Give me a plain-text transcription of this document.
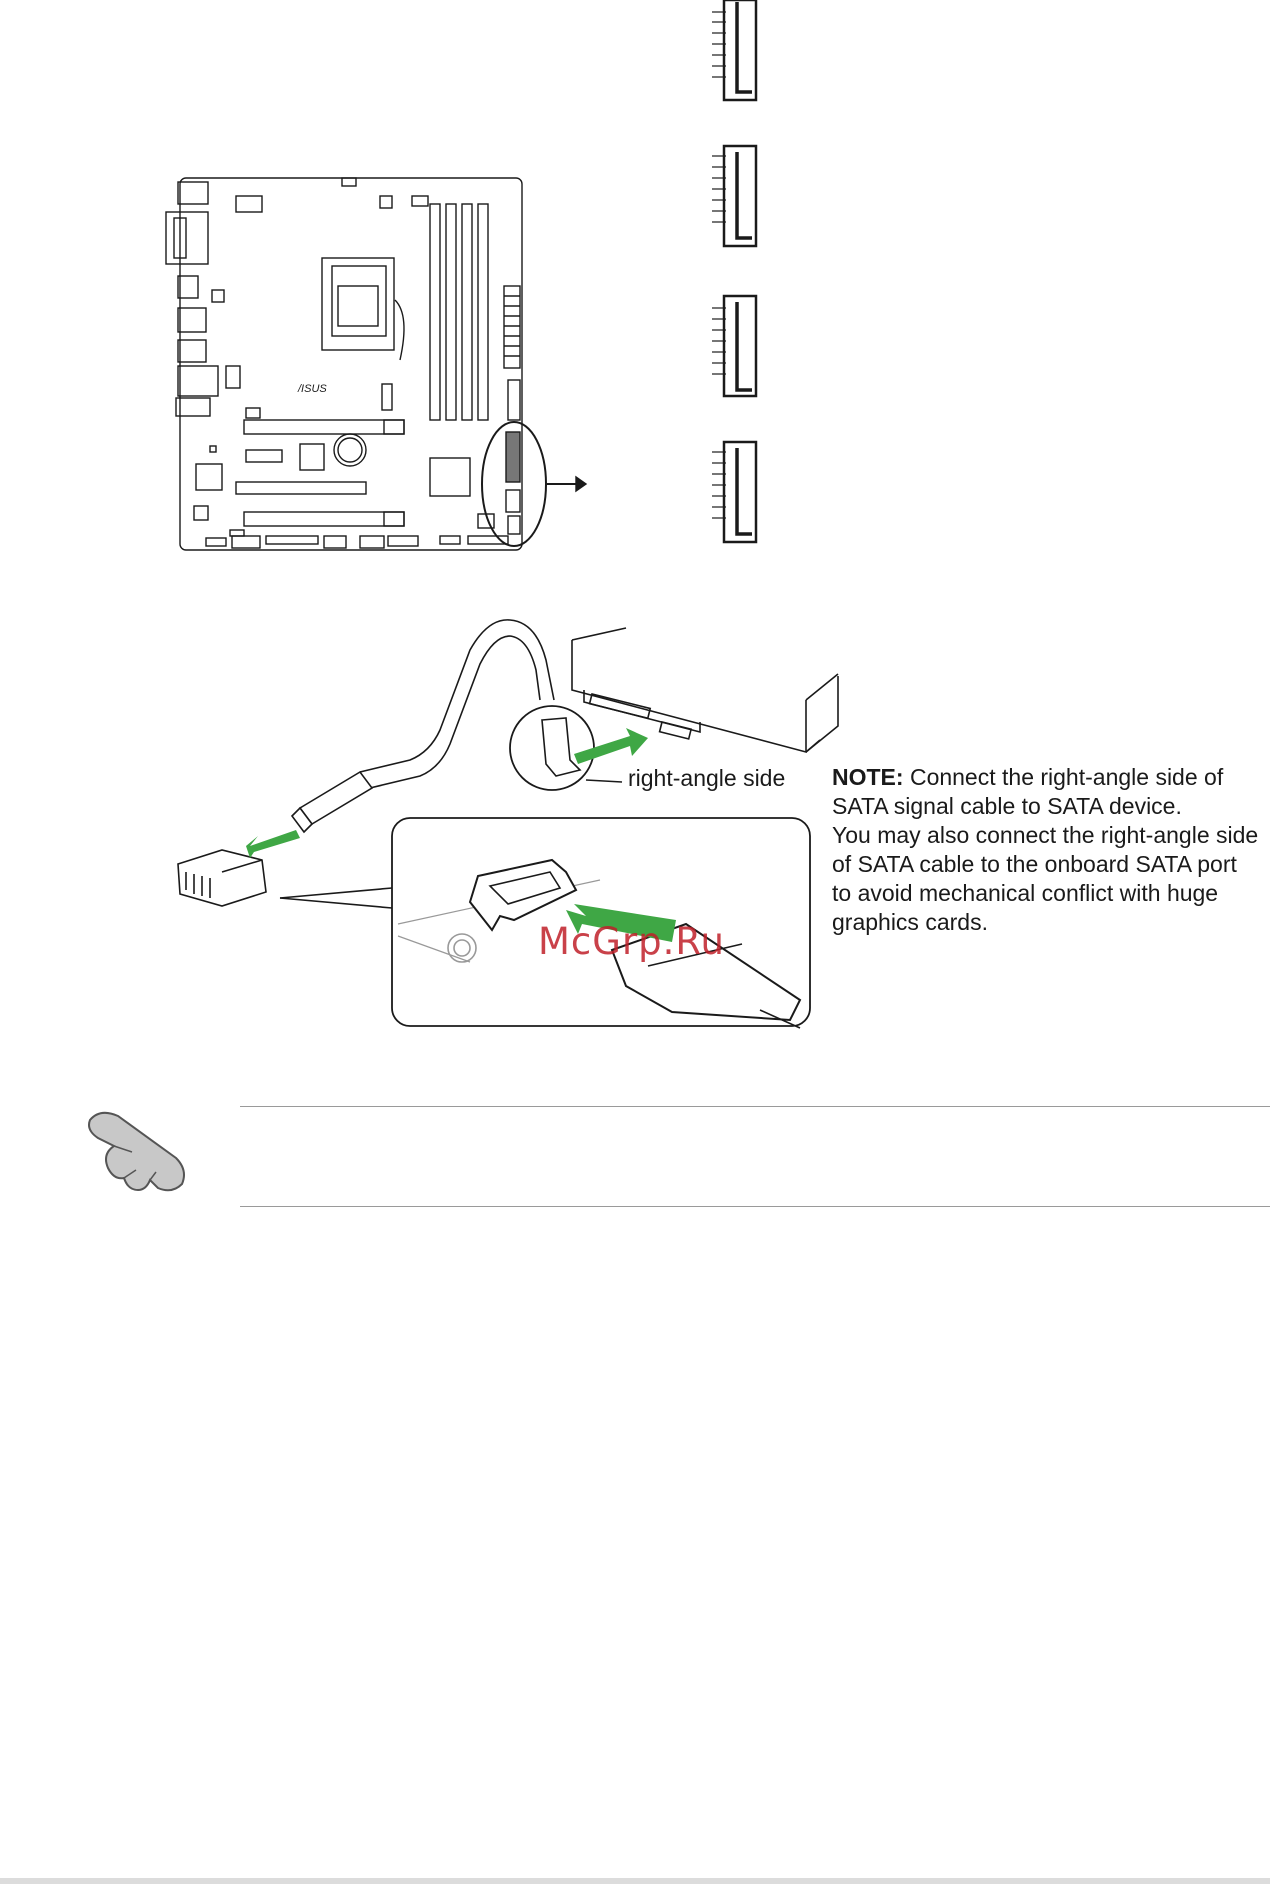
/ISUS
right-angle side NOTE: Connect the right-angle side of SATA signal cable to SATA device.

You may also connect the right-angle side of SATA cable to the onboard SATA port to avoid mechanical conflict with huge graphics cards.

McGrp.Ru
